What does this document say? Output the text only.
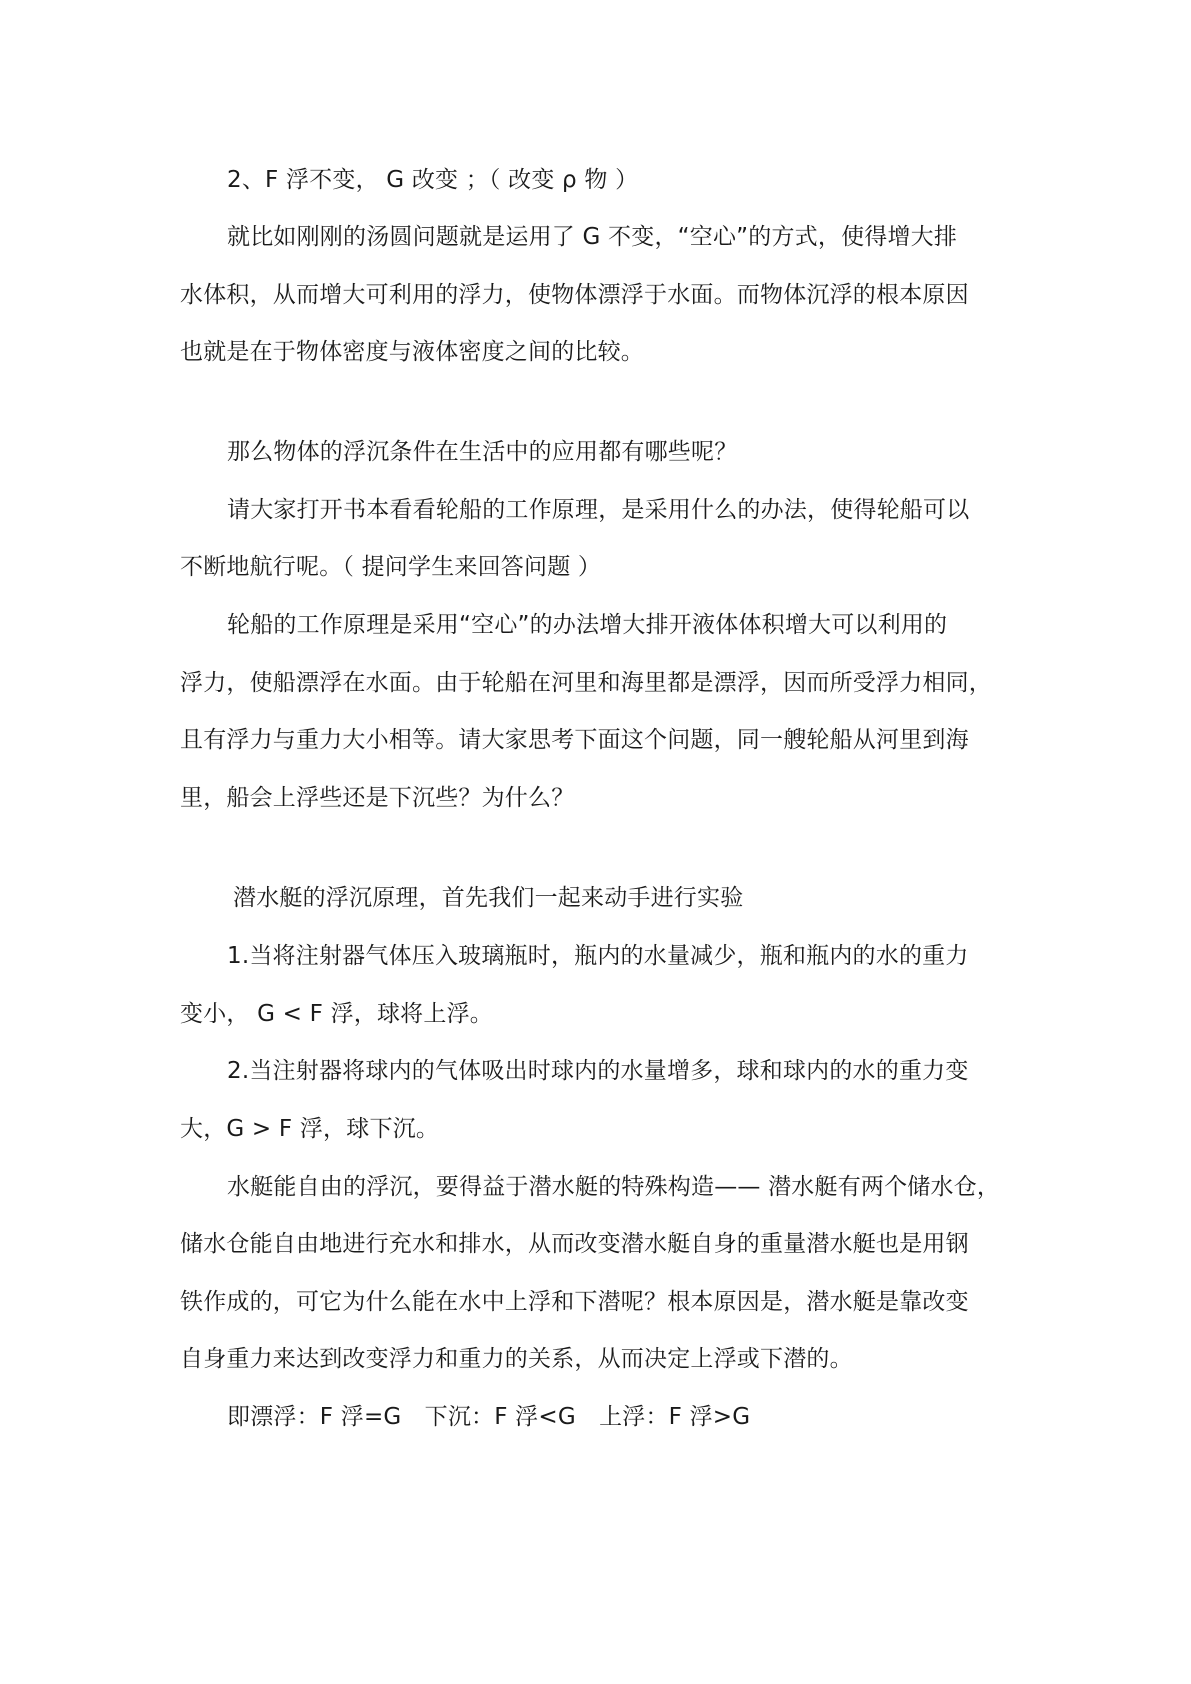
2、F 浮不变， G 改变 ；（ 改变 ρ 物 ）
就比如刚刚的汤圆问题就是运用了 G 不变，“空心”的方式，使得增大排
水体积，从而增大可利用的浮力，使物体漂浮于水面。而物体沉浮的根本原因
也就是在于物体密度与液体密度之间的比较。
那么物体的浮沉条件在生活中的应用都有哪些呢？
请大家打开书本看看轮船的工作原理，是采用什么的办法，使得轮船可以
不断地航行呢。（ 提问学生来回答问题 ）
轮船的工作原理是采用“空心”的办法增大排开液体体积增大可以利用的
浮力，使船漂浮在水面。由于轮船在河里和海里都是漂浮，因而所受浮力相同，
且有浮力与重力大小相等。请大家思考下面这个问题，同一艘轮船从河里到海
里，船会上浮些还是下沉些？为什么？
潜水艇的浮沉原理，首先我们一起来动手进行实验
1.当将注射器气体压入玻璃瓶时，瓶内的水量减少，瓶和瓶内的水的重力
变小， G < F 浮，球将上浮。
2.当注射器将球内的气体吸出时球内的水量增多，球和球内的水的重力变
大，G > F 浮，球下沉。
水艇能自由的浮沉，要得益于潜水艇的特殊构造—— 潜水艇有两个储水仓，
储水仓能自由地进行充水和排水，从而改变潜水艇自身的重量潜水艇也是用钢
铁作成的，可它为什么能在水中上浮和下潜呢？根本原因是，潜水艇是靠改变
自身重力来达到改变浮力和重力的关系，从而决定上浮或下潜的。
即漂浮：F 浮=G　下沉：F 浮<G　上浮：F 浮>G
